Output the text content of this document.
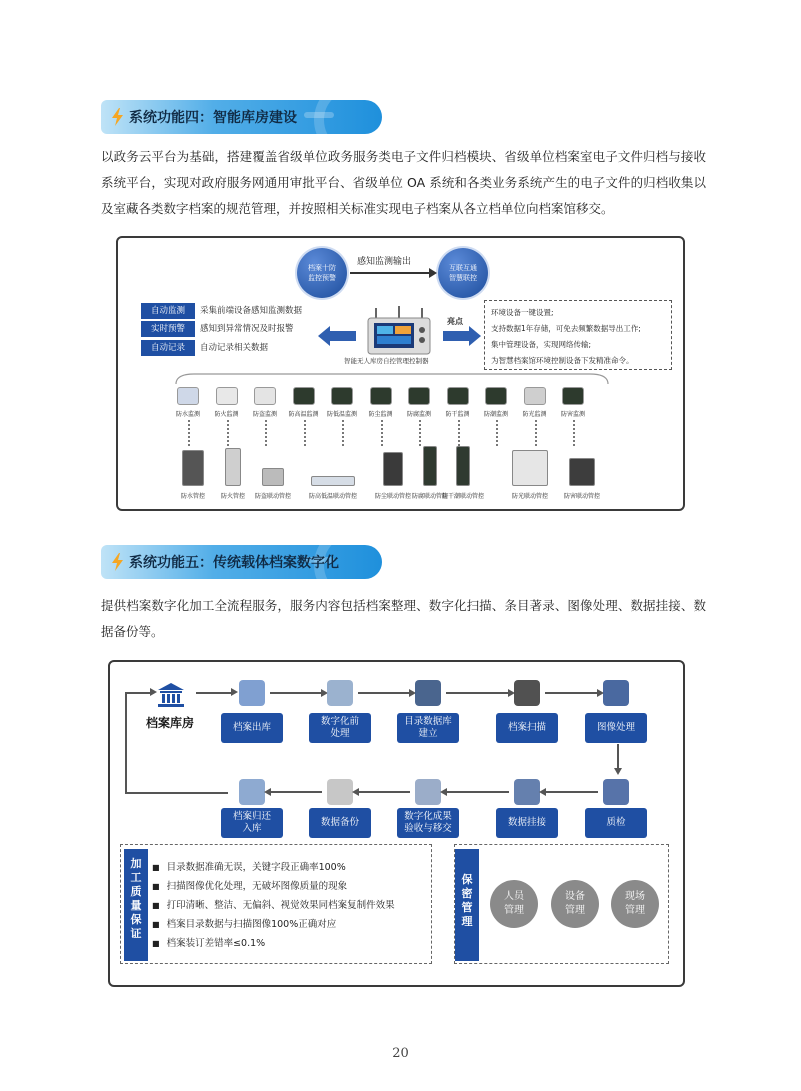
系统功能四：智能库房建设
以政务云平台为基础，搭建覆盖省级单位政务服务类电子文件归档模块、省级单位档案室电子文件归档与接收系统平台，实现对政府服务网通用审批平台、省级单位 OA 系统和各类业务系统产生的电子文件的归档收集以及室藏各类数字档案的规范管理，并按照相关标准实现电子档案从各立档单位向档案馆移交。
档案十防
监控预警
互联互通
智慧联控
感知监测输出
自动监测	采集前端设备感知监测数据
实时预警	感知到异常情况及时报警
自动记录	自动记录相关数据
智能无人库房自控管理控制器
亮点
环境设备一键设置;
支持数据1年存储，可免去频繁数据导出工作;
集中管理设备，实现网络传输;
为智慧档案馆环境控制设备下发精准命令。
防水监测	防火监测	防盗监测	防高温监测	防低温监测	防尘监测	防腐监测	防干监测	防潮监测	防光监测	防害监测
防水管控	防火管控	防盗联动管控	防高低温联动管控	防尘联动管控 防腐联动管控
防干潮联动管控	防光联动管控	防害联动管控
系统功能五：传统载体档案数字化
提供档案数字化加工全流程服务，服务内容包括档案整理、数字化扫描、条目著录、图像处理、数据挂接、数据备份等。
档案库房	档案出库
数字化前
处理
目录数据库
建立
档案扫描	图像处理
档案归还
入库
数据备份
数字化成果
验收与移交
数据挂接	质检
加
工
质
量
保
证
■ 目录数据准确无误，关键字段正确率100%
■ 扫描图像优化处理，无破坏图像质量的现象
■ 打印清晰、整洁、无偏斜、视觉效果同档案复制件效果
■ 档案目录数据与扫描图像100%正确对应
■ 档案装订差错率≤0.1%
保
密
管
理
人员
管理
设备
管理
现场
管理
20
